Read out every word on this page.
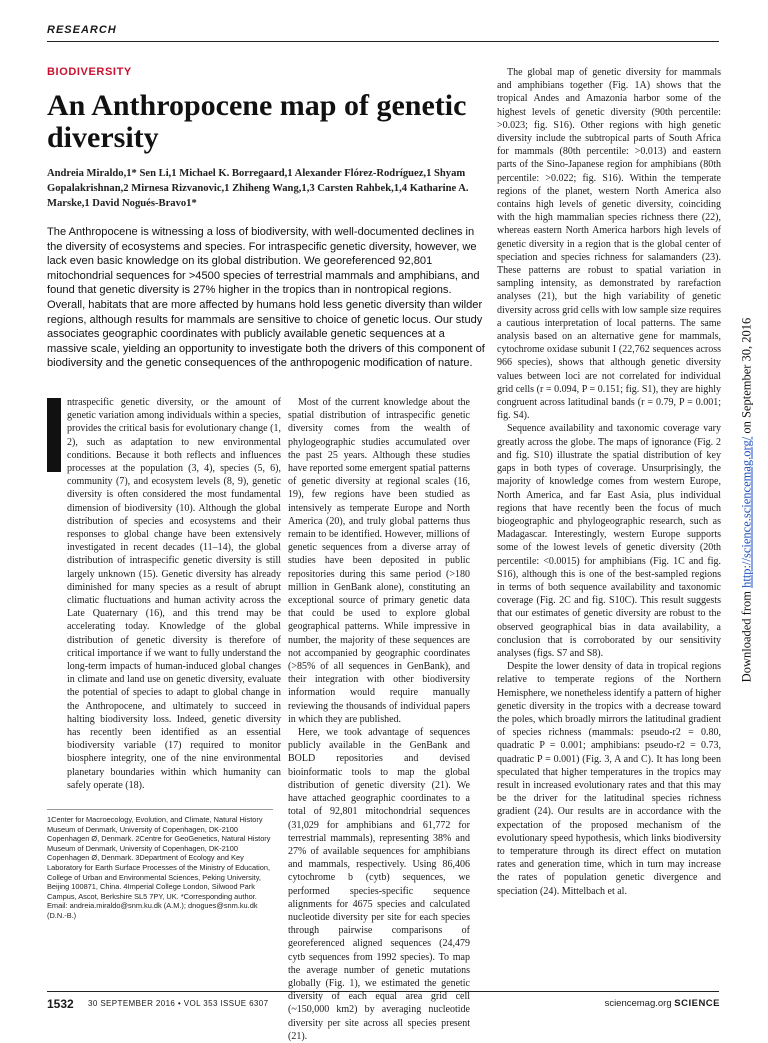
RESEARCH

BIODIVERSITY

An Anthropocene map of genetic diversity

Andreia Miraldo,1* Sen Li,1 Michael K. Borregaard,1 Alexander Flórez-Rodríguez,1 Shyam Gopalakrishnan,2 Mirnesa Rizvanovic,1 Zhiheng Wang,1,3 Carsten Rahbek,1,4 Katharine A. Marske,1 David Nogués-Bravo1*

The Anthropocene is witnessing a loss of biodiversity, with well-documented declines in the diversity of ecosystems and species. For intraspecific genetic diversity, however, we lack even basic knowledge on its global distribution. We georeferenced 92,801 mitochondrial sequences for >4500 species of terrestrial mammals and amphibians, and found that genetic diversity is 27% higher in the tropics than in nontropical regions. Overall, habitats that are more affected by humans hold less genetic diversity than wilder regions, although results for mammals are sensitive to choice of genetic locus. Our study associates geographic coordinates with publicly available genetic sequences at a massive scale, yielding an opportunity to investigate both the drivers of this component of biodiversity and the genetic consequences of the anthropogenic modification of nature.

ntraspecific genetic diversity, or the amount of genetic variation among individuals within a species, provides the critical basis for evolutionary change (1, 2), such as adaptation to new environmental conditions. Because it both reflects and influences processes at the population (3, 4), species (5, 6), community (7), and ecosystem levels (8, 9), genetic diversity is often considered the most fundamental dimension of biodiversity (10). Although the global distribution of species and ecosystems and their responses to global change have been extensively investigated in recent decades (11–14), the global distribution of intraspecific genetic diversity is still largely unknown (15). Genetic diversity has already diminished for many species as a result of abrupt climatic fluctuations and human activity across the Late Quaternary (16), and this trend may be accelerating today. Knowledge of the global distribution of genetic diversity is therefore of critical importance if we want to fully understand the long-term impacts of human-induced global changes in climate and land use on genetic diversity, evaluate the potential of species to adapt to global change in the Anthropocene, and ultimately to succeed in halting biodiversity loss. Indeed, genetic diversity has recently been identified as an essential biodiversity variable (17) required to monitor biosphere integrity, one of the nine environmental planetary boundaries within which humanity can safely operate (18).

Most of the current knowledge about the spatial distribution of intraspecific genetic diversity comes from the wealth of phylogeographic studies accumulated over the past 25 years. Although these studies have reported some emergent spatial patterns of genetic diversity at regional scales (16, 19), few regions have been studied as intensively as temperate Europe and North America (20), and truly global patterns thus remain to be identified. However, millions of genetic sequences from a diverse array of studies have been deposited in public repositories during this same period (>180 million in GenBank alone), constituting an exceptional source of primary genetic data that could be used to explore global geographical patterns. While impressive in number, the majority of these sequences are not accompanied by geographic coordinates (>85% of all sequences in GenBank), and their integration with other biodiversity information would require manually reviewing the thousands of individual papers in which they are published.

Here, we took advantage of sequences publicly available in the GenBank and BOLD repositories and devised bioinformatic tools to map the global distribution of genetic diversity (21). We have attached geographic coordinates to a total of 92,801 mitochondrial sequences (31,029 for amphibians and 61,772 for terrestrial mammals), representing 38% and 27% of available sequences for amphibians and mammals, respectively. Using 86,406 cytochrome b (cytb) sequences, we performed species-specific sequence alignments for 4675 species and calculated nucleotide diversity per site for each species through pairwise comparisons of georeferenced aligned sequences (24,479 cytb sequences from 1992 species). To map the average number of genetic mutations globally (Fig. 1), we estimated the genetic diversity of each equal area grid cell (~150,000 km2) by averaging nucleotide diversity per site across all species present (21).

The global map of genetic diversity for mammals and amphibians together (Fig. 1A) shows that the tropical Andes and Amazonia harbor some of the highest levels of genetic diversity (90th percentile: >0.023; fig. S16). Other regions with high genetic diversity include the subtropical parts of South Africa for mammals (80th percentile: >0.013) and eastern parts of the Sino-Japanese region for amphibians (80th percentile: >0.022; fig. S16). Within the temperate regions of the planet, western North America also contains high levels of genetic diversity, coinciding with the high mammalian species richness there (22), whereas eastern North America harbors high levels of genetic diversity in a region that is the global center of speciation and species richness for salamanders (23). These patterns are robust to spatial variation in sampling intensity, as demonstrated by rarefaction analyses (21), but the high variability of genetic diversity across grid cells with low sample size requires a cautious interpretation of local patterns. The same analysis based on an alternative gene for mammals, cytochrome oxidase subunit I (22,762 sequences across 966 species), shows that although genetic diversity values between loci are not correlated for individual grid cells (r = 0.094, P = 0.151; fig. S1), they are highly congruent across latitudinal bands (r = 0.79, P = 0.001; fig. S4).

Sequence availability and taxonomic coverage vary greatly across the globe. The maps of ignorance (Fig. 2 and fig. S10) illustrate the spatial distribution of key gaps in both types of coverage. Unsurprisingly, the majority of knowledge comes from western Europe, North America, and far East Asia, plus individual regions that have recently been the focus of much biogeographic and phylogeographic research, such as Madagascar. Interestingly, western Europe supports some of the lowest levels of genetic diversity (20th percentile: <0.0015) for amphibians (Fig. 1C and fig. S16), although this is one of the best-sampled regions in terms of both sequence availability and taxonomic coverage (Fig. 2C and fig. S10C). This result suggests that our estimates of genetic diversity are robust to the observed geographical bias in data availability, a conclusion that is corroborated by our sensitivity analyses (figs. S7 and S8).

Despite the lower density of data in tropical regions relative to temperate regions of the Northern Hemisphere, we nonetheless identify a pattern of higher genetic diversity in the tropics with a decrease toward the poles, which broadly mirrors the latitudinal gradient of species richness (mammals: pseudo-r2 = 0.80, quadratic P = 0.001; amphibians: pseudo-r2 = 0.73, quadratic P = 0.001) (Fig. 3, A and C). It has long been speculated that higher temperatures in the tropics may result in increased evolutionary rates and that this may be the driver for the latitudinal species richness gradient (24). Our results are in accordance with the expectation of the proposed mechanism of the evolutionary speed hypothesis, which links biodiversity to temperature through its direct effect on mutation rates and generation time, which in turn may increase the rates of population genetic divergence and speciation (24). Mittelbach et al.

1Center for Macroecology, Evolution, and Climate, Natural History Museum of Denmark, University of Copenhagen, DK-2100 Copenhagen Ø, Denmark. 2Centre for GeoGenetics, Natural History Museum of Denmark, University of Copenhagen, DK-2100 Copenhagen Ø, Denmark. 3Department of Ecology and Key Laboratory for Earth Surface Processes of the Ministry of Education, College of Urban and Environmental Sciences, Peking University, Beijing 100871, China. 4Imperial College London, Silwood Park Campus, Ascot, Berkshire SL5 7PY, UK. *Corresponding author. Email: andreia.miraldo@snm.ku.dk (A.M.); dnogues@snm.ku.dk (D.N.-B.)
1532 30 SEPTEMBER 2016 • VOL 353 ISSUE 6307	sciencemag.org SCIENCE
Downloaded from http://science.sciencemag.org/ on September 30, 2016
